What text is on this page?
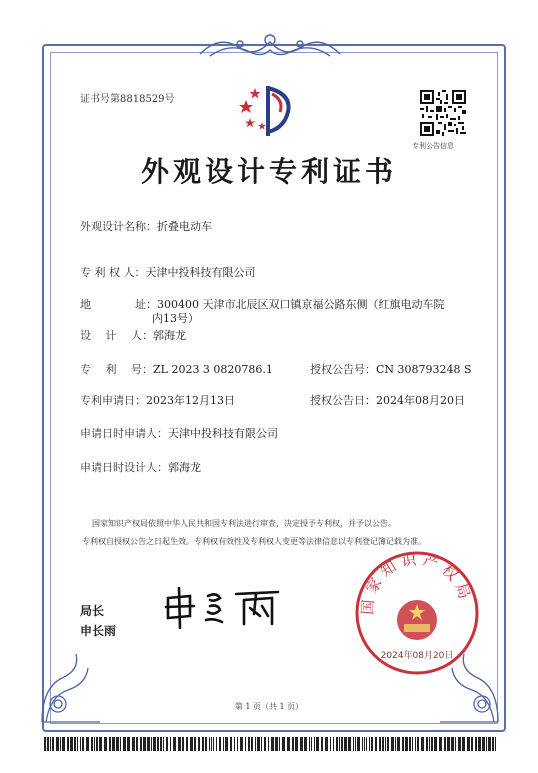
证书号第8818529号
专利公告信息
外观设计专利证书
外观设计名称：折叠电动车
专 利 权 人：天津中投科技有限公司
地　　　　址：300400 天津市北辰区双口镇京福公路东侧（红旗电动车院
内13号）
设　 计 　人：郭海龙
专　 利 　号：ZL 2023 3 0820786.1	授权公告号：CN 308793248 S
专利申请日：2023年12月13日	授权公告日：2024年08月20日
申请日时申请人：天津中投科技有限公司
申请日时设计人：郭海龙
国家知识产权局依照中华人民共和国专利法进行审查，决定授予专利权，并予以公告。
专利权自授权公告之日起生效。专利权有效性及专利权人变更等法律信息以专利登记簿记载为准。
局长
申长雨
国家知识产权局
2024年08月20日
第 1 页（共 1 页）
